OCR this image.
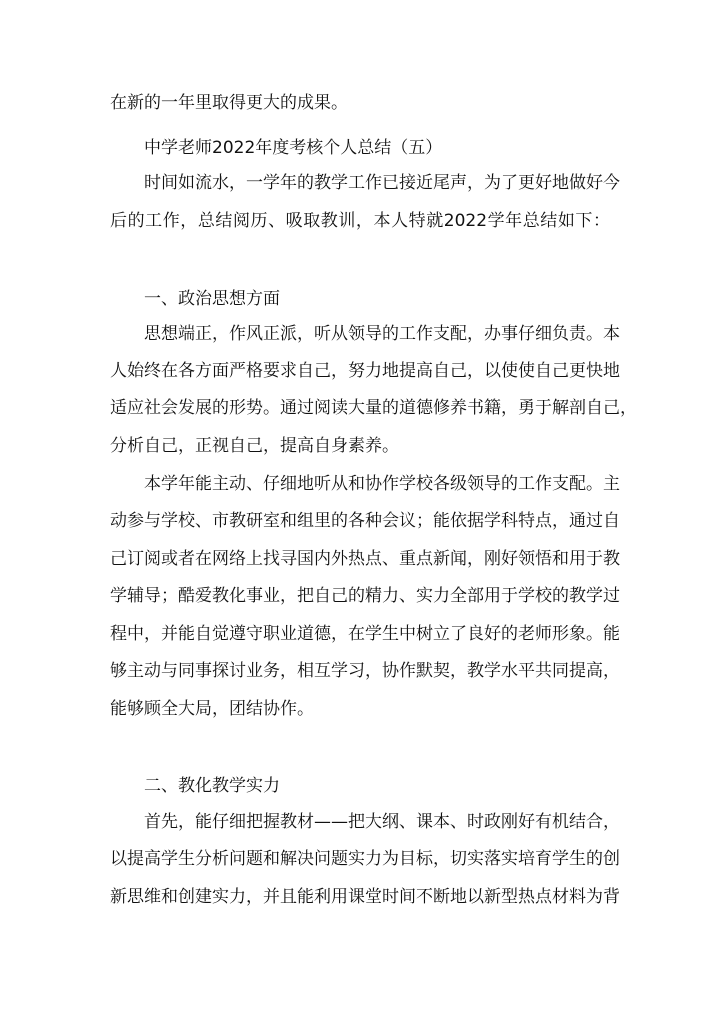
在新的一年里取得更大的成果。
中学老师2022年度考核个人总结（五）
时间如流水，一学年的教学工作已接近尾声，为了更好地做好今
后的工作，总结阅历、吸取教训，本人特就2022学年总结如下：
一、政治思想方面
思想端正，作风正派，听从领导的工作支配，办事仔细负责。本
人始终在各方面严格要求自己，努力地提高自己，以使使自己更快地
适应社会发展的形势。通过阅读大量的道德修养书籍，勇于解剖自己，
分析自己，正视自己，提高自身素养。
本学年能主动、仔细地听从和协作学校各级领导的工作支配。主
动参与学校、市教研室和组里的各种会议；能依据学科特点，通过自
己订阅或者在网络上找寻国内外热点、重点新闻，刚好领悟和用于教
学辅导；酷爱教化事业，把自己的精力、实力全部用于学校的教学过
程中，并能自觉遵守职业道德，在学生中树立了良好的老师形象。能
够主动与同事探讨业务，相互学习，协作默契，教学水平共同提高，
能够顾全大局，团结协作。
二、教化教学实力
首先，能仔细把握教材——把大纲、课本、时政刚好有机结合，
以提高学生分析问题和解决问题实力为目标，切实落实培育学生的创
新思维和创建实力，并且能利用课堂时间不断地以新型热点材料为背
